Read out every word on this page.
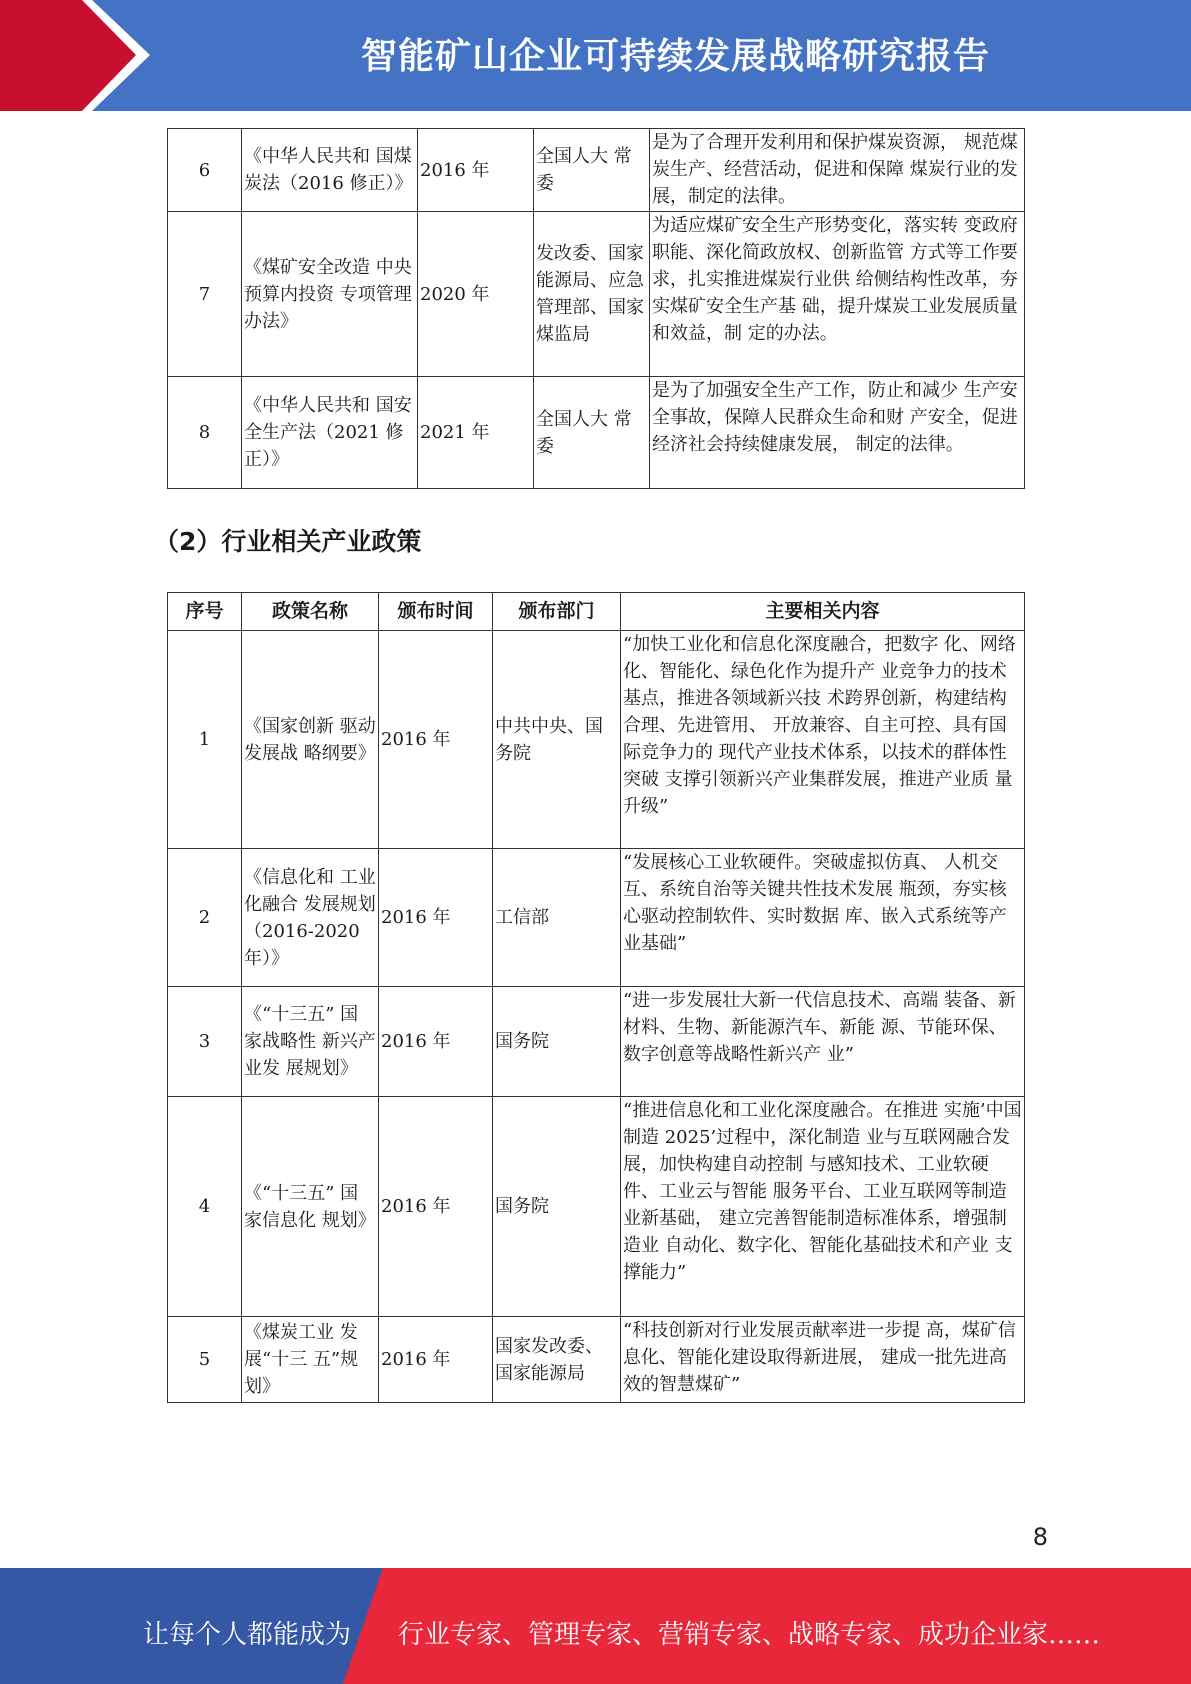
智能矿山企业可持续发展战略研究报告
6	《中华人民共和 国煤炭法（2016 修正）》	2016 年	全国人大 常委	是为了合理开发利用和保护煤炭资源， 规范煤炭生产、经营活动，促进和保障 煤炭行业的发展，制定的法律。
7	《煤矿安全改造 中央预算内投资 专项管理办法》	2020 年	发改委、国家能源局、应急管理部、国家煤监局	为适应煤矿安全生产形势变化，落实转 变政府职能、深化简政放权、创新监管 方式等工作要求，扎实推进煤炭行业供 给侧结构性改革，夯实煤矿安全生产基 础，提升煤炭工业发展质量和效益，制 定的办法。
8	《中华人民共和 国安全生产法（2021 修正）》	2021 年	全国人大 常委	是为了加强安全生产工作，防止和减少 生产安全事故，保障人民群众生命和财 产安全，促进经济社会持续健康发展， 制定的法律。
（2）行业相关产业政策
序号	政策名称	颁布时间	颁布部门	主要相关内容
1	《国家创新 驱动发展战 略纲要》	2016 年	中共中央、国务院	“加快工业化和信息化深度融合，把数字 化、网络化、智能化、绿色化作为提升产 业竞争力的技术基点，推进各领域新兴技 术跨界创新，构建结构合理、先进管用、 开放兼容、自主可控、具有国际竞争力的 现代产业技术体系，以技术的群体性突破 支撑引领新兴产业集群发展，推进产业质 量升级”
2	《信息化和 工业化融合 发展规划（2016-2020年）》	2016 年	工信部	“发展核心工业软硬件。突破虚拟仿真、 人机交互、系统自治等关键共性技术发展 瓶颈，夯实核心驱动控制软件、实时数据 库、嵌入式系统等产业基础”
3	《“十三五” 国家战略性 新兴产业发 展规划》	2016 年	国务院	“进一步发展壮大新一代信息技术、高端 装备、新材料、生物、新能源汽车、新能 源、节能环保、数字创意等战略性新兴产 业”
4	《“十三五” 国家信息化 规划》	2016 年	国务院	“推进信息化和工业化深度融合。在推进 实施’中国制造 2025’过程中，深化制造 业与互联网融合发展，加快构建自动控制 与感知技术、工业软硬件、工业云与智能 服务平台、工业互联网等制造业新基础， 建立完善智能制造标准体系，增强制造业 自动化、数字化、智能化基础技术和产业 支撑能力”
5	《煤炭工业 发展“十三 五”规划》	2016 年	国家发改委、国家能源局	“科技创新对行业发展贡献率进一步提 高，煤矿信息化、智能化建设取得新进展， 建成一批先进高效的智慧煤矿”
8
让每个人都能成为 行业专家、管理专家、营销专家、战略专家、成功企业家……
